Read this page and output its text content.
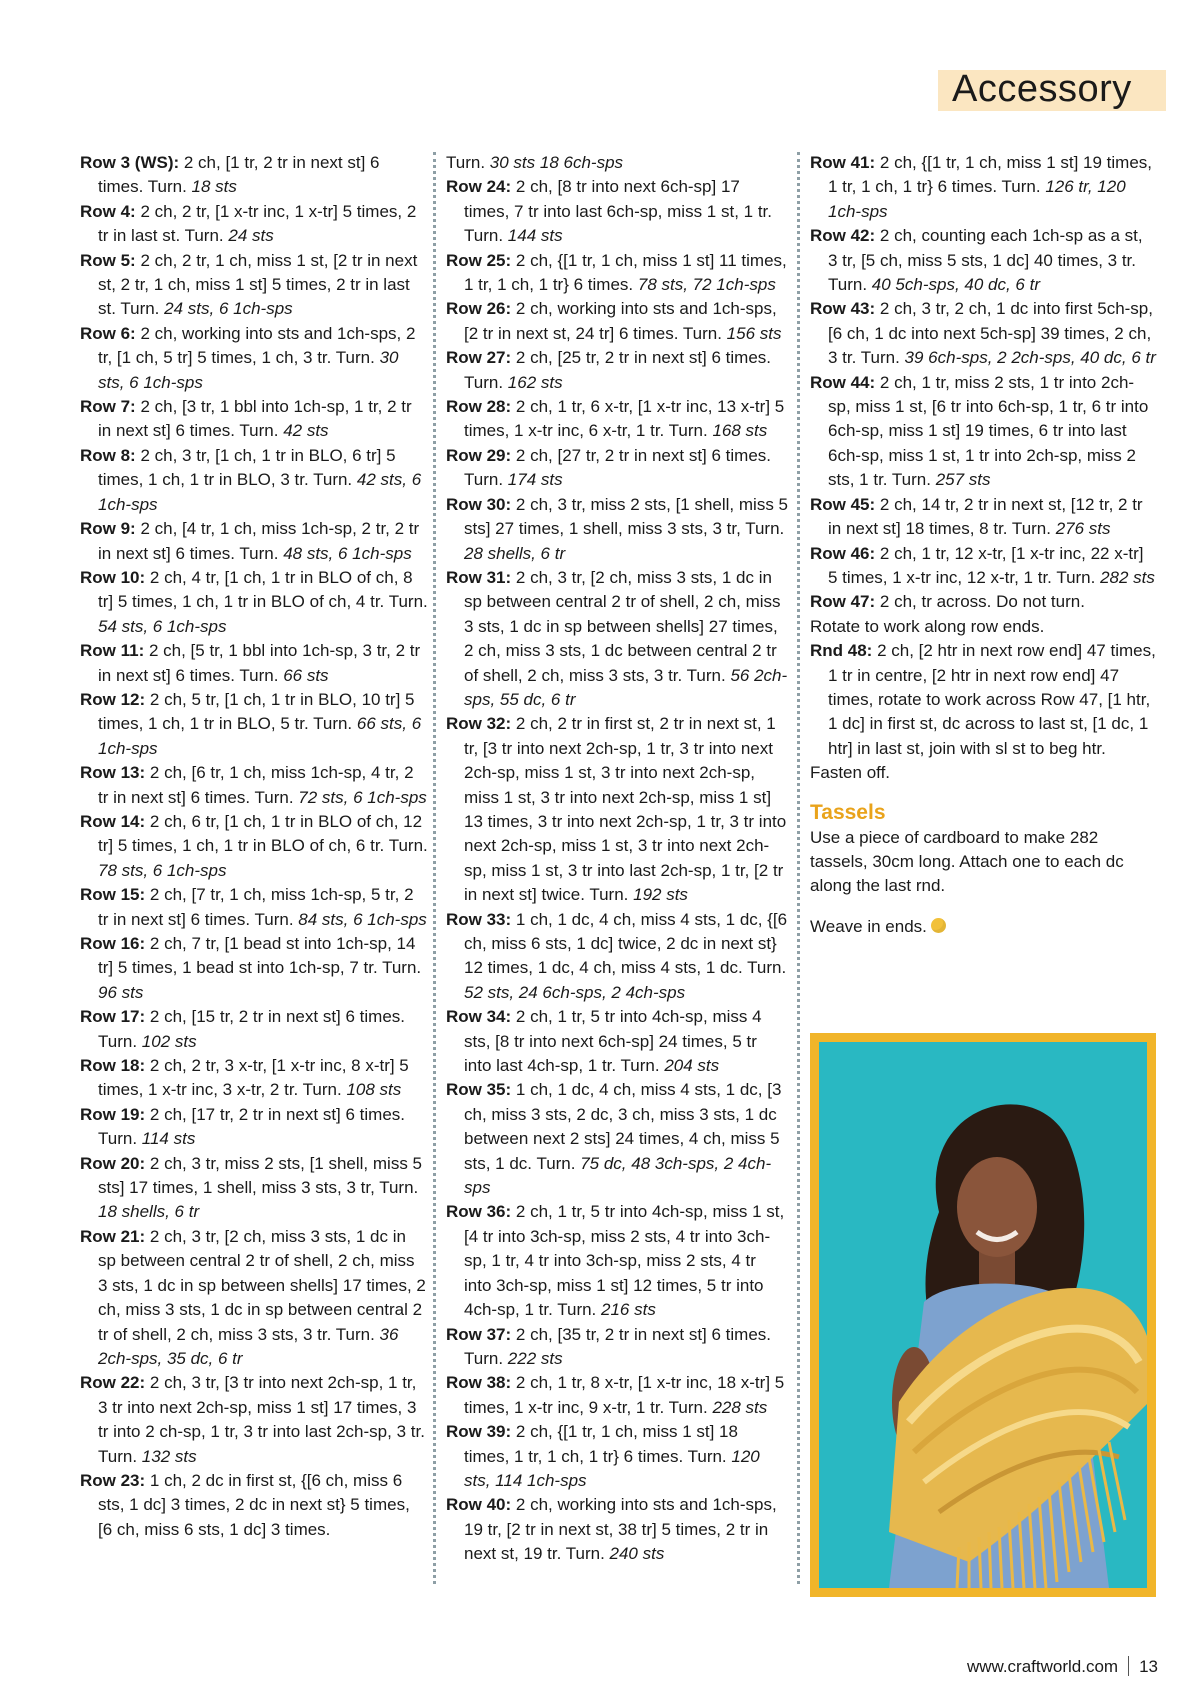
Accessory

Row 3 (WS): 2 ch, [1 tr, 2 tr in next st] 6 times. Turn. 18 sts

Row 4: 2 ch, 2 tr, [1 x-tr inc, 1 x-tr] 5 times, 2 tr in last st. Turn. 24 sts

Row 5: 2 ch, 2 tr, 1 ch, miss 1 st, [2 tr in next st, 2 tr, 1 ch, miss 1 st] 5 times, 2 tr in last st. Turn. 24 sts, 6 1ch-sps

Row 6: 2 ch, working into sts and 1ch-sps, 2 tr, [1 ch, 5 tr] 5 times, 1 ch, 3 tr. Turn. 30 sts, 6 1ch-sps

Row 7: 2 ch, [3 tr, 1 bbl into 1ch-sp, 1 tr, 2 tr in next st] 6 times. Turn. 42 sts

Row 8: 2 ch, 3 tr, [1 ch, 1 tr in BLO, 6 tr] 5 times, 1 ch, 1 tr in BLO, 3 tr. Turn. 42 sts, 6 1ch-sps

Row 9: 2 ch, [4 tr, 1 ch, miss 1ch-sp, 2 tr, 2 tr in next st] 6 times. Turn. 48 sts, 6 1ch-sps

Row 10: 2 ch, 4 tr, [1 ch, 1 tr in BLO of ch, 8 tr] 5 times, 1 ch, 1 tr in BLO of ch, 4 tr. Turn. 54 sts, 6 1ch-sps

Row 11: 2 ch, [5 tr, 1 bbl into 1ch-sp, 3 tr, 2 tr in next st] 6 times. Turn. 66 sts

Row 12: 2 ch, 5 tr, [1 ch, 1 tr in BLO, 10 tr] 5 times, 1 ch, 1 tr in BLO, 5 tr. Turn. 66 sts, 6 1ch-sps

Row 13: 2 ch, [6 tr, 1 ch, miss 1ch-sp, 4 tr, 2 tr in next st] 6 times. Turn. 72 sts, 6 1ch-sps

Row 14: 2 ch, 6 tr, [1 ch, 1 tr in BLO of ch, 12 tr] 5 times, 1 ch, 1 tr in BLO of ch, 6 tr. Turn. 78 sts, 6 1ch-sps

Row 15: 2 ch, [7 tr, 1 ch, miss 1ch-sp, 5 tr, 2 tr in next st] 6 times. Turn. 84 sts, 6 1ch-sps

Row 16: 2 ch, 7 tr, [1 bead st into 1ch-sp, 14 tr] 5 times, 1 bead st into 1ch-sp, 7 tr. Turn. 96 sts

Row 17: 2 ch, [15 tr, 2 tr in next st] 6 times. Turn. 102 sts

Row 18: 2 ch, 2 tr, 3 x-tr, [1 x-tr inc, 8 x-tr] 5 times, 1 x-tr inc, 3 x-tr, 2 tr. Turn. 108 sts

Row 19: 2 ch, [17 tr, 2 tr in next st] 6 times. Turn. 114 sts

Row 20: 2 ch, 3 tr, miss 2 sts, [1 shell, miss 5 sts] 17 times, 1 shell, miss 3 sts, 3 tr, Turn. 18 shells, 6 tr

Row 21: 2 ch, 3 tr, [2 ch, miss 3 sts, 1 dc in sp between central 2 tr of shell, 2 ch, miss 3 sts, 1 dc in sp between shells] 17 times, 2 ch, miss 3 sts, 1 dc in sp between central 2 tr of shell, 2 ch, miss 3 sts, 3 tr. Turn. 36 2ch-sps, 35 dc, 6 tr

Row 22: 2 ch, 3 tr, [3 tr into next 2ch-sp, 1 tr, 3 tr into next 2ch-sp, miss 1 st] 17 times, 3 tr into 2 ch-sp, 1 tr, 3 tr into last 2ch-sp, 3 tr. Turn. 132 sts

Row 23: 1 ch, 2 dc in first st, {[6 ch, miss 6 sts, 1 dc] 3 times, 2 dc in next st} 5 times, [6 ch, miss 6 sts, 1 dc] 3 times.

Turn. 30 sts 18 6ch-sps

Row 24: 2 ch, [8 tr into next 6ch-sp] 17 times, 7 tr into last 6ch-sp, miss 1 st, 1 tr. Turn. 144 sts

Row 25: 2 ch, {[1 tr, 1 ch, miss 1 st] 11 times, 1 tr, 1 ch, 1 tr} 6 times. 78 sts, 72 1ch-sps

Row 26: 2 ch, working into sts and 1ch-sps, [2 tr in next st, 24 tr] 6 times. Turn. 156 sts

Row 27: 2 ch, [25 tr, 2 tr in next st] 6 times. Turn. 162 sts

Row 28: 2 ch, 1 tr, 6 x-tr, [1 x-tr inc, 13 x-tr] 5 times, 1 x-tr inc, 6 x-tr, 1 tr. Turn. 168 sts

Row 29: 2 ch, [27 tr, 2 tr in next st] 6 times. Turn. 174 sts

Row 30: 2 ch, 3 tr, miss 2 sts, [1 shell, miss 5 sts] 27 times, 1 shell, miss 3 sts, 3 tr, Turn. 28 shells, 6 tr

Row 31: 2 ch, 3 tr, [2 ch, miss 3 sts, 1 dc in sp between central 2 tr of shell, 2 ch, miss 3 sts, 1 dc in sp between shells] 27 times, 2 ch, miss 3 sts, 1 dc between central 2 tr of shell, 2 ch, miss 3 sts, 3 tr. Turn. 56 2ch-sps, 55 dc, 6 tr

Row 32: 2 ch, 2 tr in first st, 2 tr in next st, 1 tr, [3 tr into next 2ch-sp, 1 tr, 3 tr into next 2ch-sp, miss 1 st, 3 tr into next 2ch-sp, miss 1 st, 3 tr into next 2ch-sp, miss 1 st] 13 times, 3 tr into next 2ch-sp, 1 tr, 3 tr into next 2ch-sp, miss 1 st, 3 tr into next 2ch-sp, miss 1 st, 3 tr into last 2ch-sp, 1 tr, [2 tr in next st] twice. Turn. 192 sts

Row 33: 1 ch, 1 dc, 4 ch, miss 4 sts, 1 dc, {[6 ch, miss 6 sts, 1 dc] twice, 2 dc in next st} 12 times, 1 dc, 4 ch, miss 4 sts, 1 dc. Turn. 52 sts, 24 6ch-sps, 2 4ch-sps

Row 34: 2 ch, 1 tr, 5 tr into 4ch-sp, miss 4 sts, [8 tr into next 6ch-sp] 24 times, 5 tr into last 4ch-sp, 1 tr. Turn. 204 sts

Row 35: 1 ch, 1 dc, 4 ch, miss 4 sts, 1 dc, [3 ch, miss 3 sts, 2 dc, 3 ch, miss 3 sts, 1 dc between next 2 sts] 24 times, 4 ch, miss 5 sts, 1 dc. Turn. 75 dc, 48 3ch-sps, 2 4ch-sps

Row 36: 2 ch, 1 tr, 5 tr into 4ch-sp, miss 1 st, [4 tr into 3ch-sp, miss 2 sts, 4 tr into 3ch-sp, 1 tr, 4 tr into 3ch-sp, miss 2 sts, 4 tr into 3ch-sp, miss 1 st] 12 times, 5 tr into 4ch-sp, 1 tr. Turn. 216 sts

Row 37: 2 ch, [35 tr, 2 tr in next st] 6 times. Turn. 222 sts

Row 38: 2 ch, 1 tr, 8 x-tr, [1 x-tr inc, 18 x-tr] 5 times, 1 x-tr inc, 9 x-tr, 1 tr. Turn. 228 sts

Row 39: 2 ch, {[1 tr, 1 ch, miss 1 st] 18 times, 1 tr, 1 ch, 1 tr} 6 times. Turn. 120 sts, 114 1ch-sps

Row 40: 2 ch, working into sts and 1ch-sps, 19 tr, [2 tr in next st, 38 tr] 5 times, 2 tr in next st, 19 tr. Turn. 240 sts

Row 41: 2 ch, {[1 tr, 1 ch, miss 1 st] 19 times, 1 tr, 1 ch, 1 tr} 6 times. Turn. 126 tr, 120 1ch-sps

Row 42: 2 ch, counting each 1ch-sp as a st, 3 tr, [5 ch, miss 5 sts, 1 dc] 40 times, 3 tr. Turn. 40 5ch-sps, 40 dc, 6 tr

Row 43: 2 ch, 3 tr, 2 ch, 1 dc into first 5ch-sp, [6 ch, 1 dc into next 5ch-sp] 39 times, 2 ch, 3 tr. Turn. 39 6ch-sps, 2 2ch-sps, 40 dc, 6 tr

Row 44: 2 ch, 1 tr, miss 2 sts, 1 tr into 2ch-sp, miss 1 st, [6 tr into 6ch-sp, 1 tr, 6 tr into 6ch-sp, miss 1 st] 19 times, 6 tr into last 6ch-sp, miss 1 st, 1 tr into 2ch-sp, miss 2 sts, 1 tr. Turn. 257 sts

Row 45: 2 ch, 14 tr, 2 tr in next st, [12 tr, 2 tr in next st] 18 times, 8 tr. Turn. 276 sts

Row 46: 2 ch, 1 tr, 12 x-tr, [1 x-tr inc, 22 x-tr] 5 times, 1 x-tr inc, 12 x-tr, 1 tr. Turn. 282 sts

Row 47: 2 ch, tr across. Do not turn.

Rotate to work along row ends.

Rnd 48: 2 ch, [2 htr in next row end] 47 times, 1 tr in centre, [2 htr in next row end] 47 times, rotate to work across Row 47, [1 htr, 1 dc] in first st, dc across to last st, [1 dc, 1 htr] in last st, join with sl st to beg htr.

Fasten off.

Tassels

Use a piece of cardboard to make 282 tassels, 30cm long. Attach one to each dc along the last rnd.

Weave in ends.

www.craftworld.com 13
